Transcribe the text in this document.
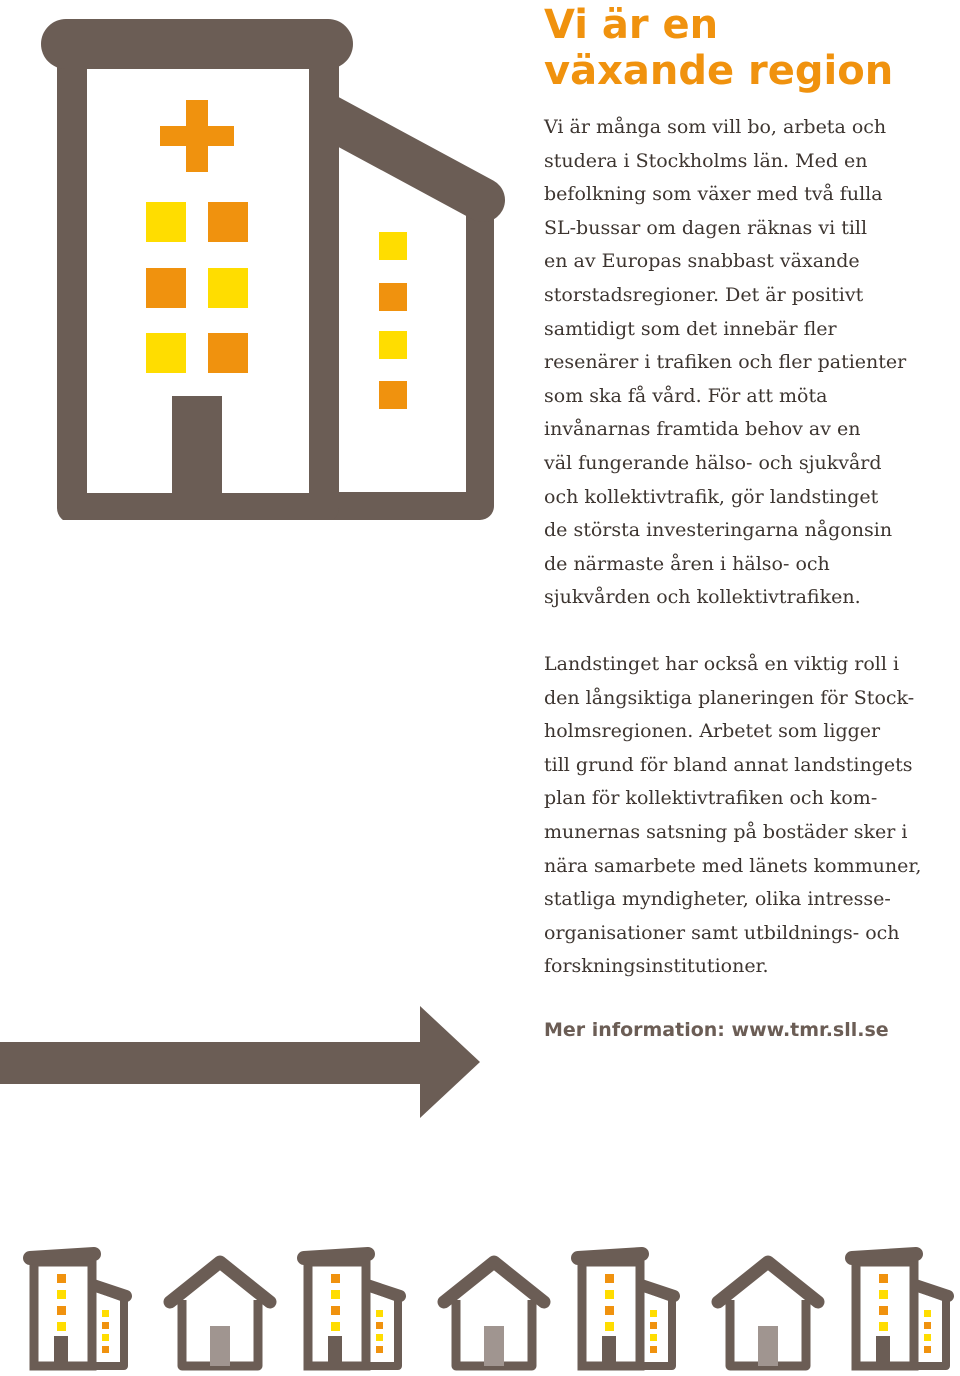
Vi är en
växande region
Vi är många som vill bo, arbeta och
studera i Stockholms län. Med en
befolkning som växer med två fulla
SL-bussar om dagen räknas vi till
en av Europas snabbast växande
storstadsregioner. Det är positivt
samtidigt som det innebär fler
resenärer i trafiken och fler patienter
som ska få vård. För att möta
invånarnas framtida behov av en
väl fungerande hälso- och sjukvård
och kollektivtrafik, gör landstinget
de största investeringarna någonsin
de närmaste åren i hälso- och
sjukvården och kollektivtrafiken.
Landstinget har också en viktig roll i
den långsiktiga planeringen för Stock-
holmsregionen. Arbetet som ligger
till grund för bland annat landstingets
plan för kollektivtrafiken och kom-
munernas satsning på bostäder sker i
nära samarbete med länets kommuner,
statliga myndigheter, olika intresse-
organisationer samt utbildnings- och
forskningsinstitutioner.
Mer information: www.tmr.sll.se
